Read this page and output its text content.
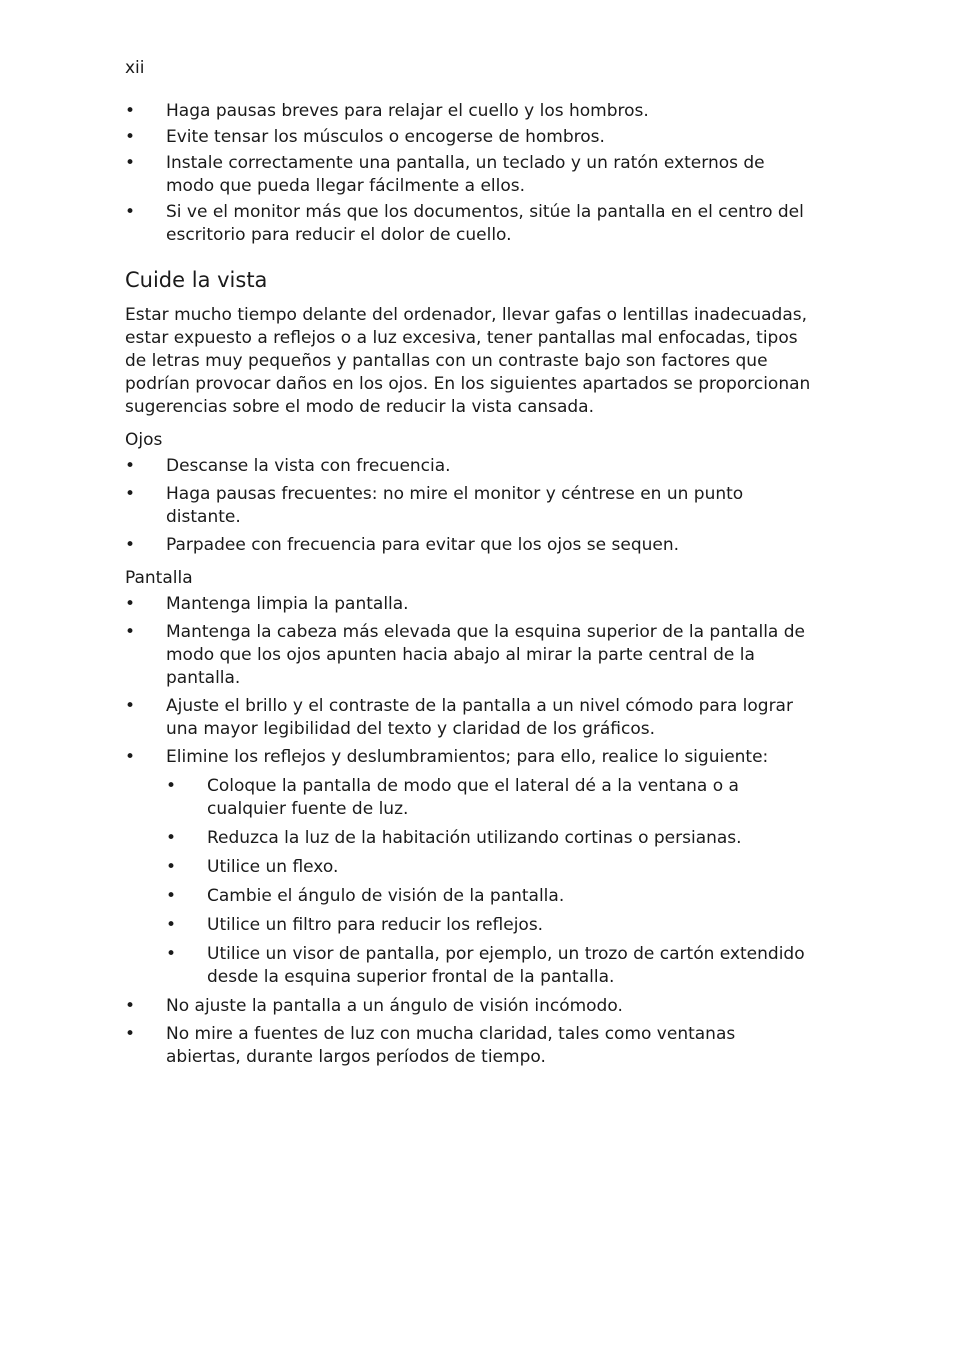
xii
• Haga pausas breves para relajar el cuello y los hombros.
• Evite tensar los músculos o encogerse de hombros.
• Instale correctamente una pantalla, un teclado y un ratón externos de modo que pueda llegar fácilmente a ellos.
• Si ve el monitor más que los documentos, sitúe la pantalla en el centro del escritorio para reducir el dolor de cuello.
Cuide la vista

Estar mucho tiempo delante del ordenador, llevar gafas o lentillas inadecuadas, estar expuesto a reflejos o a luz excesiva, tener pantallas mal enfocadas, tipos de letras muy pequeños y pantallas con un contraste bajo son factores que podrían provocar daños en los ojos. En los siguientes apartados se proporcionan sugerencias sobre el modo de reducir la vista cansada.

Ojos
• Descanse la vista con frecuencia.
• Haga pausas frecuentes: no mire el monitor y céntrese en un punto distante.
• Parpadee con frecuencia para evitar que los ojos se sequen.
Pantalla
• Mantenga limpia la pantalla.
• Mantenga la cabeza más elevada que la esquina superior de la pantalla de modo que los ojos apunten hacia abajo al mirar la parte central de la pantalla.
• Ajuste el brillo y el contraste de la pantalla a un nivel cómodo para lograr una mayor legibilidad del texto y claridad de los gráficos.
• Elimine los reflejos y deslumbramientos; para ello, realice lo siguiente:
• Coloque la pantalla de modo que el lateral dé a la ventana o a cualquier fuente de luz.
• Reduzca la luz de la habitación utilizando cortinas o persianas.
• Utilice un flexo.
• Cambie el ángulo de visión de la pantalla.
• Utilice un filtro para reducir los reflejos.
• Utilice un visor de pantalla, por ejemplo, un trozo de cartón extendido desde la esquina superior frontal de la pantalla.
• No ajuste la pantalla a un ángulo de visión incómodo.
• No mire a fuentes de luz con mucha claridad, tales como ventanas abiertas, durante largos períodos de tiempo.
